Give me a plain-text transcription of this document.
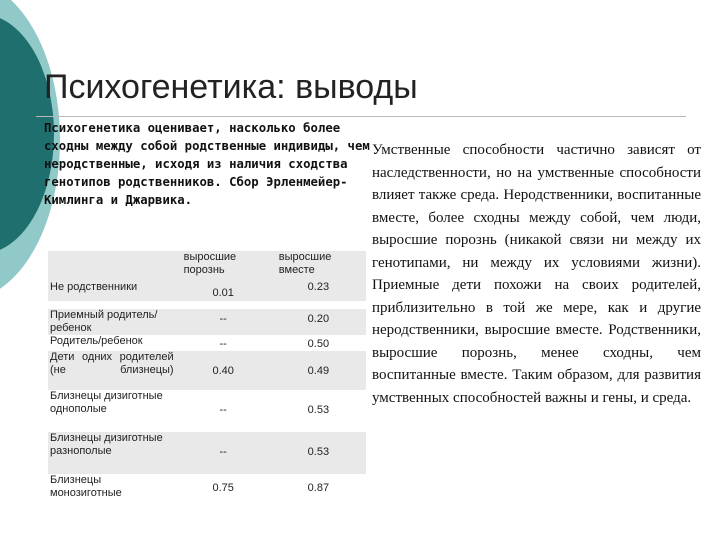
Психогенетика: выводы

Психогенетика оценивает, насколько более сходны между собой родственные индивиды, чем неродственные, исходя из наличия сходства генотипов родственников. Сбор Эрленмейер-Кимлинга и Джарвика.

	выросшие порознь	выросшие вместе
Не родственники	0.01	0.23

Приемный родитель/ребенок	--	0.20
Родитель/ребенок	--	0.50
Дети одних родителей (не близнецы)	0.40	0.49
Близнецы дизиготные однополые	--	0.53
Близнецы дизиготные разнополые	--	0.53
Близнецы монозиготные	0.75	0.87

Умственные способности частично зависят от наследственности, но на умственные способности влияет также среда. Неродственники, воспитанные вместе, более сходны между собой, чем люди, выросшие порознь (никакой связи ни между их генотипами, ни между их условиями жизни). Приемные дети похожи на своих родителей, приблизительно в той же мере, как и другие неродственники, выросшие вместе. Родственники, выросшие порознь, менее сходны, чем воспитанные вместе. Таким образом, для развития умственных способностей важны и гены, и среда.
